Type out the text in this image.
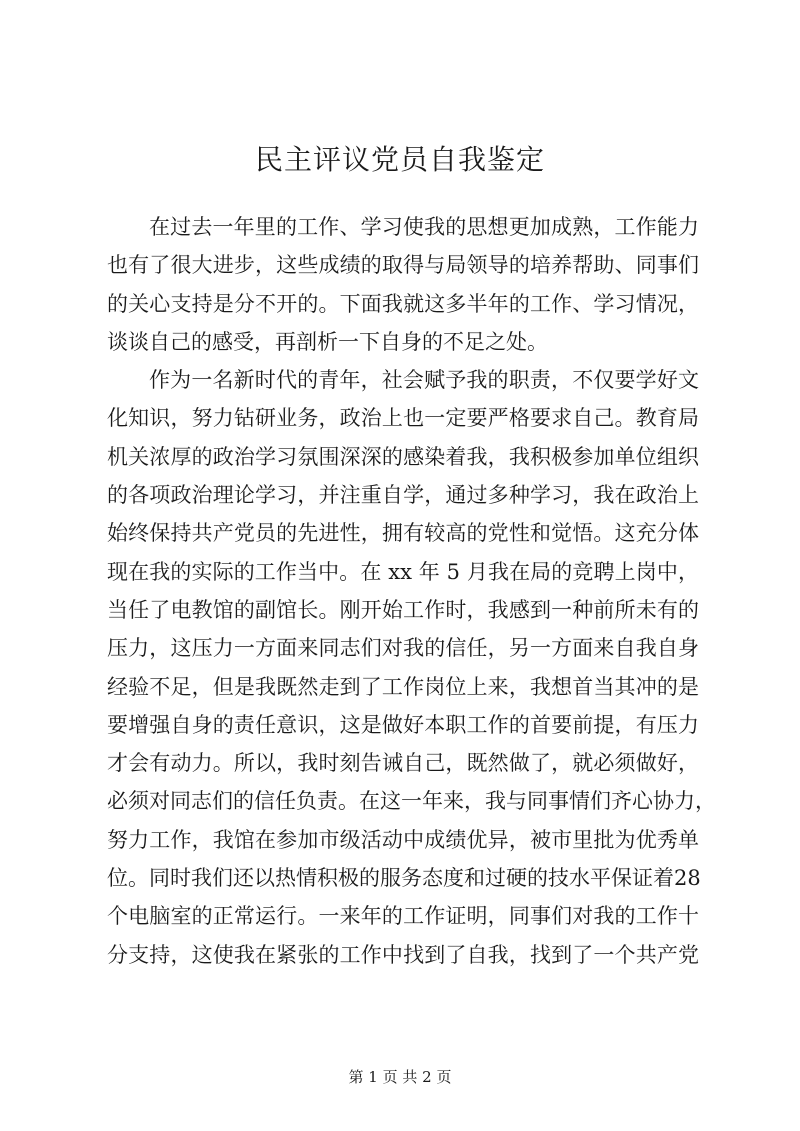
民主评议党员自我鉴定
在过去一年里的工作、学习使我的思想更加成熟，工作能力
也有了很大进步，这些成绩的取得与局领导的培养帮助、同事们
的关心支持是分不开的。下面我就这多半年的工作、学习情况，
谈谈自己的感受，再剖析一下自身的不足之处。
作为一名新时代的青年，社会赋予我的职责，不仅要学好文
化知识，努力钻研业务，政治上也一定要严格要求自己。教育局
机关浓厚的政治学习氛围深深的感染着我，我积极参加单位组织
的各项政治理论学习，并注重自学，通过多种学习，我在政治上
始终保持共产党员的先进性，拥有较高的党性和觉悟。这充分体
现在我的实际的工作当中。在 xx 年 5 月我在局的竞聘上岗中，
当任了电教馆的副馆长。刚开始工作时，我感到一种前所未有的
压力，这压力一方面来同志们对我的信任，另一方面来自我自身
经验不足，但是我既然走到了工作岗位上来，我想首当其冲的是
要增强自身的责任意识，这是做好本职工作的首要前提，有压力
才会有动力。所以，我时刻告诫自己，既然做了，就必须做好，
必须对同志们的信任负责。在这一年来，我与同事情们齐心协力，
努力工作，我馆在参加市级活动中成绩优异，被市里批为优秀单
位。同时我们还以热情积极的服务态度和过硬的技水平保证着28
个电脑室的正常运行。一来年的工作证明，同事们对我的工作十
分支持，这使我在紧张的工作中找到了自我，找到了一个共产党
第 1 页 共 2 页
